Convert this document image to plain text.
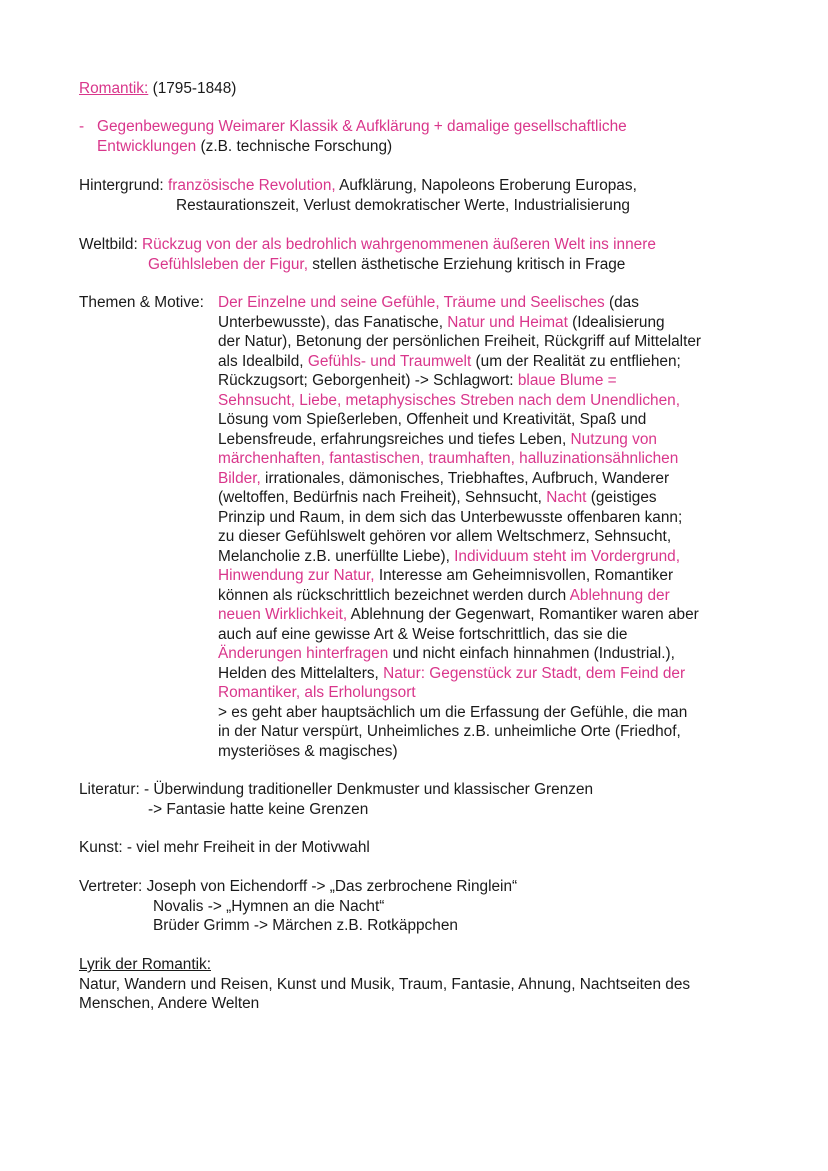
Romantik: (1795-1848)

- Gegenbewegung Weimarer Klassik & Aufklärung + damalige gesellschaftliche
Entwicklungen (z.B. technische Forschung)
Hintergrund: französische Revolution, Aufklärung, Napoleons Eroberung Europas,
Restaurationszeit, Verlust demokratischer Werte, Industrialisierung
Weltbild: Rückzug von der als bedrohlich wahrgenommenen äußeren Welt ins innere
Gefühlsleben der Figur, stellen ästhetische Erziehung kritisch in Frage
Themen & Motive: Der Einzelne und seine Gefühle, Träume und Seelisches (das
Unterbewusste), das Fanatische, Natur und Heimat (Idealisierung
der Natur), Betonung der persönlichen Freiheit, Rückgriff auf Mittelalter
als Idealbild, Gefühls- und Traumwelt (um der Realität zu entfliehen;
Rückzugsort; Geborgenheit) -> Schlagwort: blaue Blume =
Sehnsucht, Liebe, metaphysisches Streben nach dem Unendlichen,
Lösung vom Spießerleben, Offenheit und Kreativität, Spaß und
Lebensfreude, erfahrungsreiches und tiefes Leben, Nutzung von
märchenhaften, fantastischen, traumhaften, halluzinationsähnlichen
Bilder, irrationales, dämonisches, Triebhaftes, Aufbruch, Wanderer
(weltoffen, Bedürfnis nach Freiheit), Sehnsucht, Nacht (geistiges
Prinzip und Raum, in dem sich das Unterbewusste offenbaren kann;
zu dieser Gefühlswelt gehören vor allem Weltschmerz, Sehnsucht,
Melancholie z.B. unerfüllte Liebe), Individuum steht im Vordergrund,
Hinwendung zur Natur, Interesse am Geheimnisvollen, Romantiker
können als rückschrittlich bezeichnet werden durch Ablehnung der
neuen Wirklichkeit, Ablehnung der Gegenwart, Romantiker waren aber
auch auf eine gewisse Art & Weise fortschrittlich, das sie die
Änderungen hinterfragen und nicht einfach hinnahmen (Industrial.),
Helden des Mittelalters, Natur: Gegenstück zur Stadt, dem Feind der
Romantiker, als Erholungsort
> es geht aber hauptsächlich um die Erfassung der Gefühle, die man
in der Natur verspürt, Unheimliches z.B. unheimliche Orte (Friedhof,
mysteriöses & magisches)
Literatur: - Überwindung traditioneller Denkmuster und klassischer Grenzen
-> Fantasie hatte keine Grenzen
Kunst: - viel mehr Freiheit in der Motivwahl
Vertreter: Joseph von Eichendorff -> „Das zerbrochene Ringlein“
Novalis -> „Hymnen an die Nacht“
Brüder Grimm -> Märchen z.B. Rotkäppchen
Lyrik der Romantik:
Natur, Wandern und Reisen, Kunst und Musik, Traum, Fantasie, Ahnung, Nachtseiten des
Menschen, Andere Welten
